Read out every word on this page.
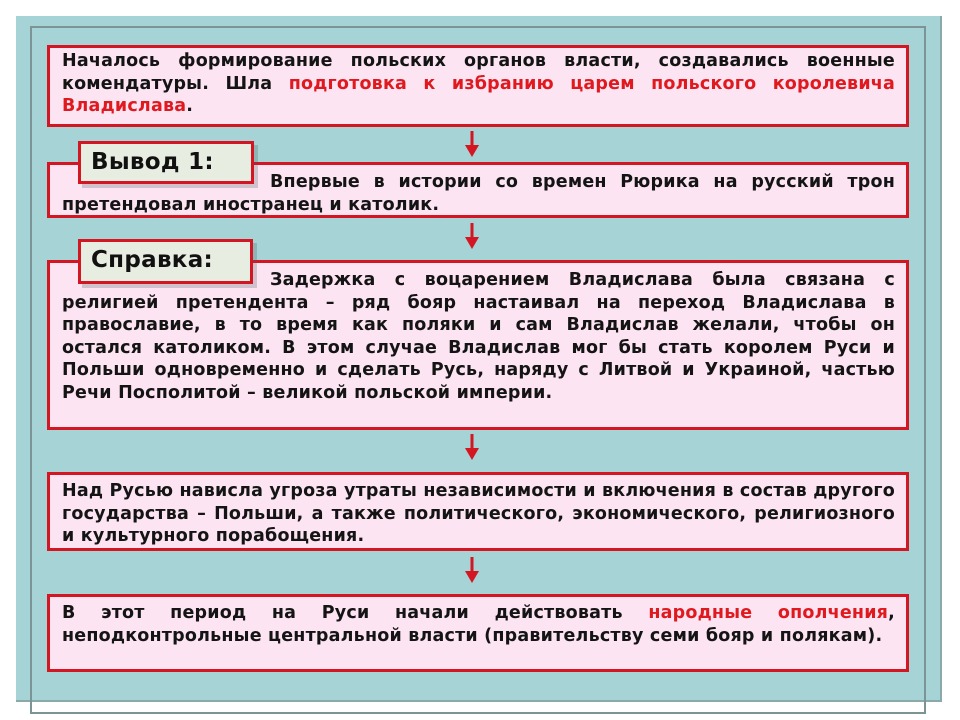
Началось формирование польских органов власти, создавались военные комендатуры. Шла подготовка к избранию царем польского королевича Владислава.

Впервые в истории со времен Рюрика на русский трон претендовал иностранец и католик.

Вывод 1:

Задержка с воцарением Владислава была связана с религией претендента – ряд бояр настаивал на переход Владислава в православие, в то время как поляки и сам Владислав желали, чтобы он остался католиком. В этом случае Владислав мог бы стать королем Руси и Польши одновременно и сделать Русь, наряду с Литвой и Украиной, частью Речи Посполитой – великой польской империи.

Справка:

Над Русью нависла угроза утраты независимости и включения в состав другого государства – Польши, а также политического, экономического, религиозного и культурного порабощения.

В этот период на Руси начали действовать народные ополчения, неподконтрольные центральной власти (правительству семи бояр и полякам).
